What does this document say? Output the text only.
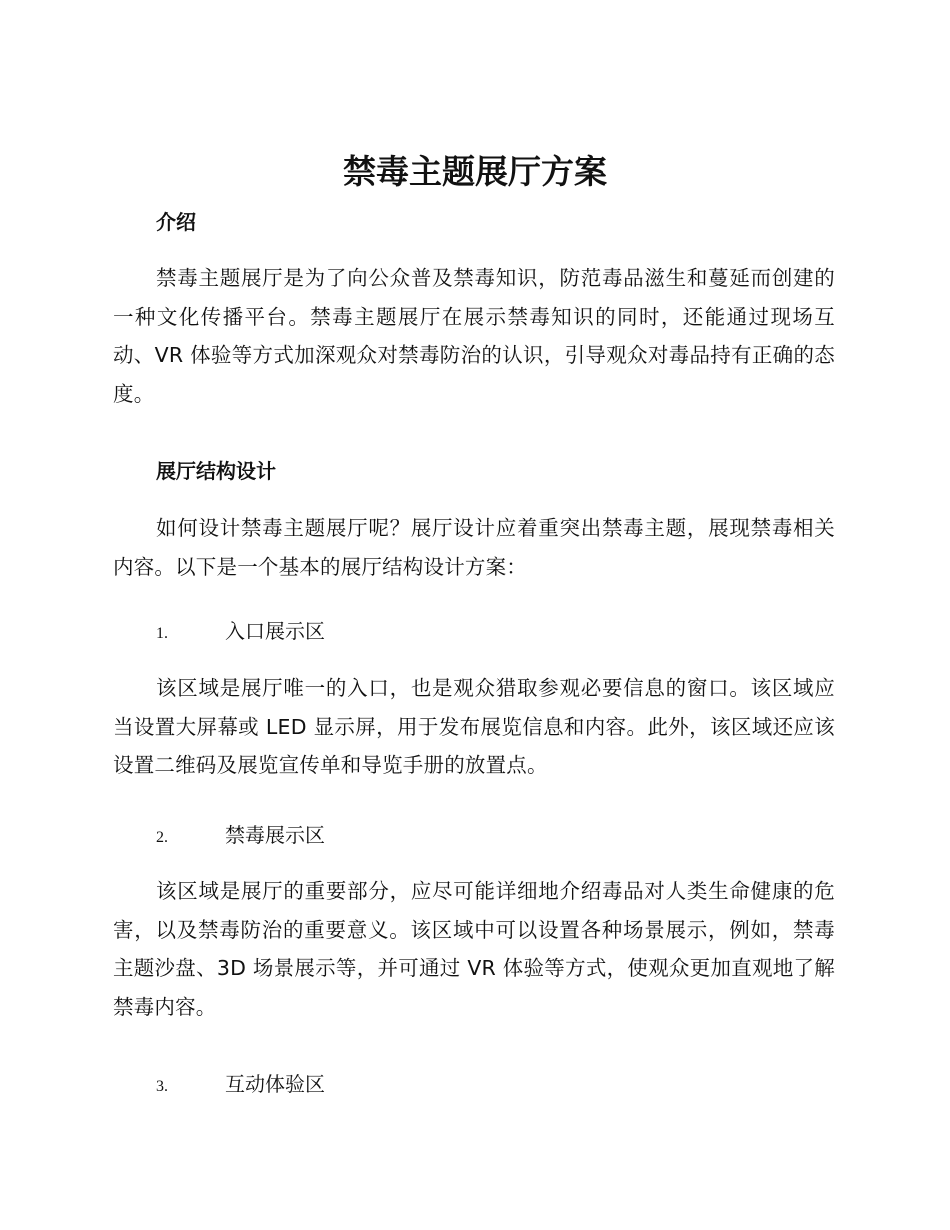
禁毒主题展厅方案
介绍

禁毒主题展厅是为了向公众普及禁毒知识，防范毒品滋生和蔓延而创建的一种文化传播平台。禁毒主题展厅在展示禁毒知识的同时，还能通过现场互动、VR 体验等方式加深观众对禁毒防治的认识，引导观众对毒品持有正确的态度。

展厅结构设计

如何设计禁毒主题展厅呢？展厅设计应着重突出禁毒主题，展现禁毒相关内容。以下是一个基本的展厅结构设计方案：

1.	入口展示区

该区域是展厅唯一的入口，也是观众猎取参观必要信息的窗口。该区域应当设置大屏幕或 LED 显示屏，用于发布展览信息和内容。此外，该区域还应该设置二维码及展览宣传单和导览手册的放置点。

2.	禁毒展示区

该区域是展厅的重要部分，应尽可能详细地介绍毒品对人类生命健康的危害，以及禁毒防治的重要意义。该区域中可以设置各种场景展示，例如，禁毒主题沙盘、3D 场景展示等，并可通过 VR 体验等方式，使观众更加直观地了解禁毒内容。

3.	互动体验区
